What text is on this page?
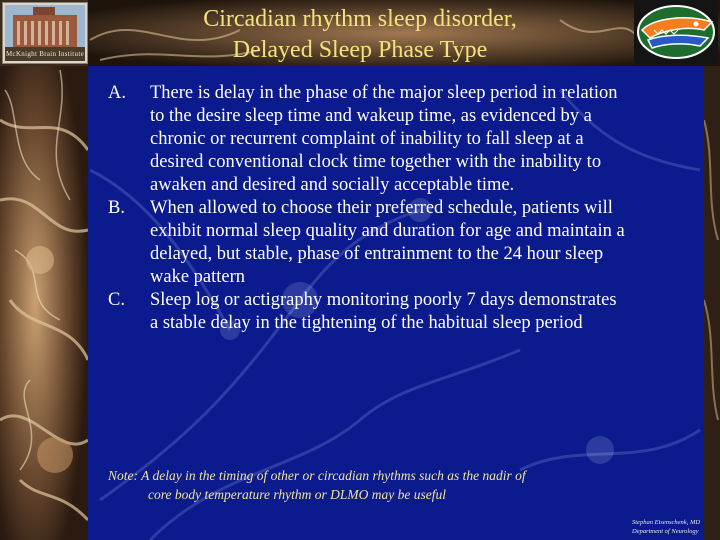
McKnight Brain Institute
Circadian rhythm sleep disorder,
Delayed Sleep Phase Type
A. There is delay in the phase of the major sleep period in relation to the desire sleep time and wakeup time, as evidenced by a chronic or recurrent complaint of inability to fall sleep at a desired conventional clock time together with the inability to awaken and desired and socially acceptable time.
B. When allowed to choose their preferred schedule, patients will exhibit normal sleep quality and duration for age and maintain a delayed, but stable, phase of entrainment to the 24 hour sleep wake pattern
C. Sleep log or actigraphy monitoring poorly 7 days demonstrates a stable delay in the tightening of the habitual sleep period
Note: A delay in the timing of other or circadian rhythms such as the nadir of
core body temperature rhythm or DLMO may be useful
Stephan Eisenschenk, MD
Department of Neurology
